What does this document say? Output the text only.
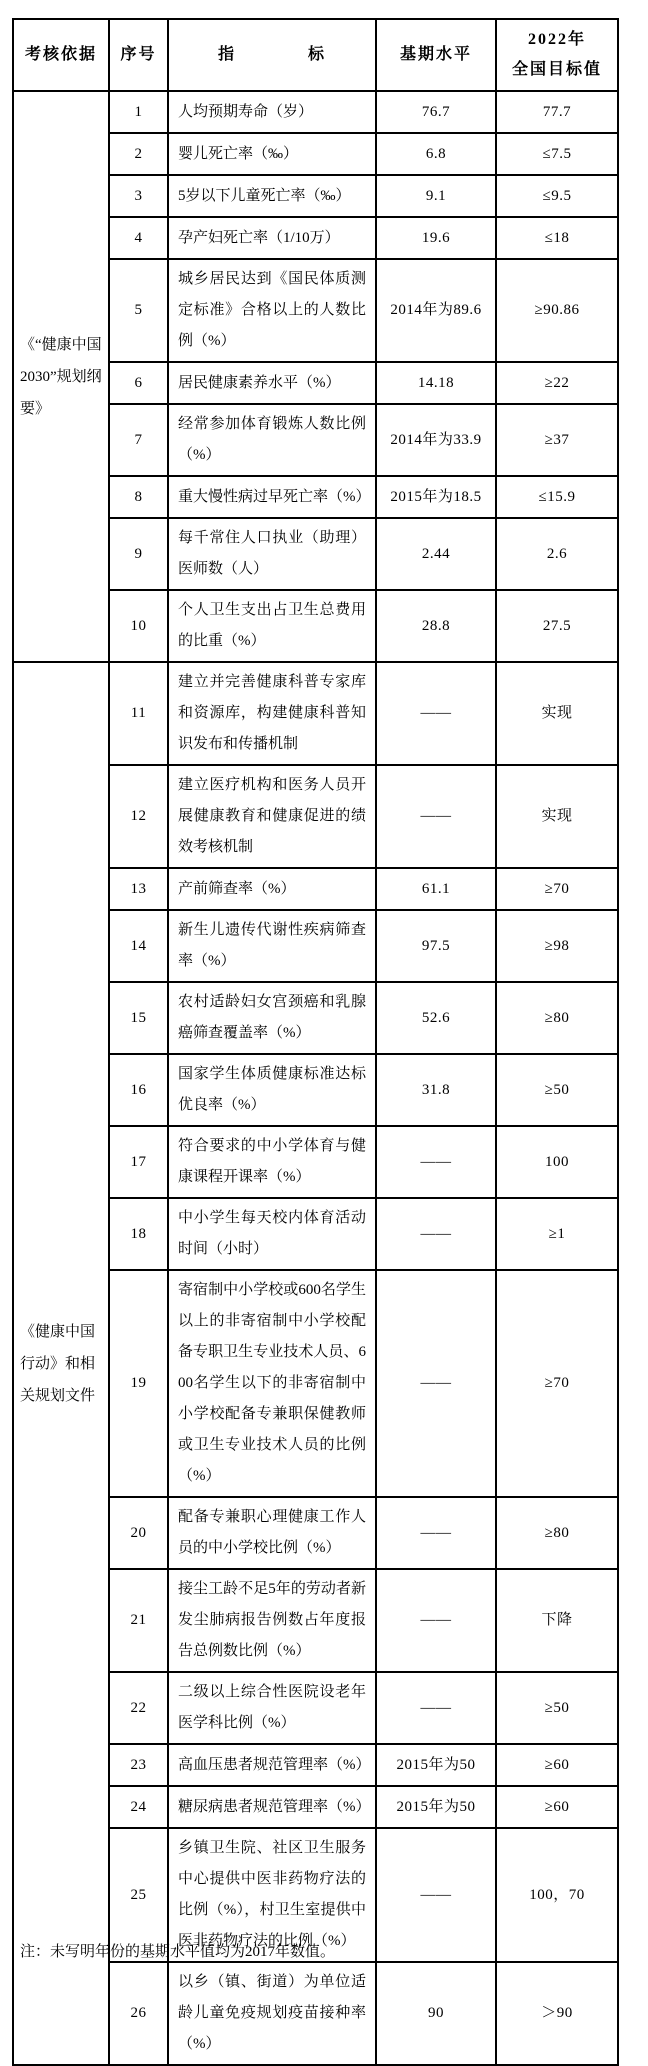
考核依据	序号	指　　　　标	基期水平	2022年
全国目标值

《“健康中国2030”规划纲要》	1	人均预期寿命（岁）	76.7	77.7
	2	婴儿死亡率（‰）	6.8	≤7.5
	3	5岁以下儿童死亡率（‰）	9.1	≤9.5
	4	孕产妇死亡率（1/10万）	19.6	≤18
	5	城乡居民达到《国民体质测定标准》合格以上的人数比例（%）	2014年为89.6	≥90.86
	6	居民健康素养水平（%）	14.18	≥22
	7	经常参加体育锻炼人数比例（%）	2014年为33.9	≥37
	8	重大慢性病过早死亡率（%）	2015年为18.5	≤15.9
	9	每千常住人口执业（助理）医师数（人）	2.44	2.6
	10	个人卫生支出占卫生总费用的比重（%）	28.8	27.5
《健康中国行动》和相关规划文件	11	建立并完善健康科普专家库和资源库，构建健康科普知识发布和传播机制	——	实现
	12	建立医疗机构和医务人员开展健康教育和健康促进的绩效考核机制	——	实现
	13	产前筛查率（%）	61.1	≥70
	14	新生儿遗传代谢性疾病筛查率（%）	97.5	≥98
	15	农村适龄妇女宫颈癌和乳腺癌筛查覆盖率（%）	52.6	≥80
	16	国家学生体质健康标准达标优良率（%）	31.8	≥50
	17	符合要求的中小学体育与健康课程开课率（%）	——	100
	18	中小学生每天校内体育活动时间（小时）	——	≥1
	19	寄宿制中小学校或600名学生以上的非寄宿制中小学校配备专职卫生专业技术人员、600名学生以下的非寄宿制中小学校配备专兼职保健教师或卫生专业技术人员的比例（%）	——	≥70
	20	配备专兼职心理健康工作人员的中小学校比例（%）	——	≥80
	21	接尘工龄不足5年的劳动者新发尘肺病报告例数占年度报告总例数比例（%）	——	下降
	22	二级以上综合性医院设老年医学科比例（%）	——	≥50
	23	高血压患者规范管理率（%）	2015年为50	≥60
	24	糖尿病患者规范管理率（%）	2015年为50	≥60
	25	乡镇卫生院、社区卫生服务中心提供中医非药物疗法的比例（%），村卫生室提供中医非药物疗法的比例（%）	——	100，70
	26	以乡（镇、街道）为单位适龄儿童免疫规划疫苗接种率（%）	90	＞90
注：未写明年份的基期水平值均为2017年数值。
